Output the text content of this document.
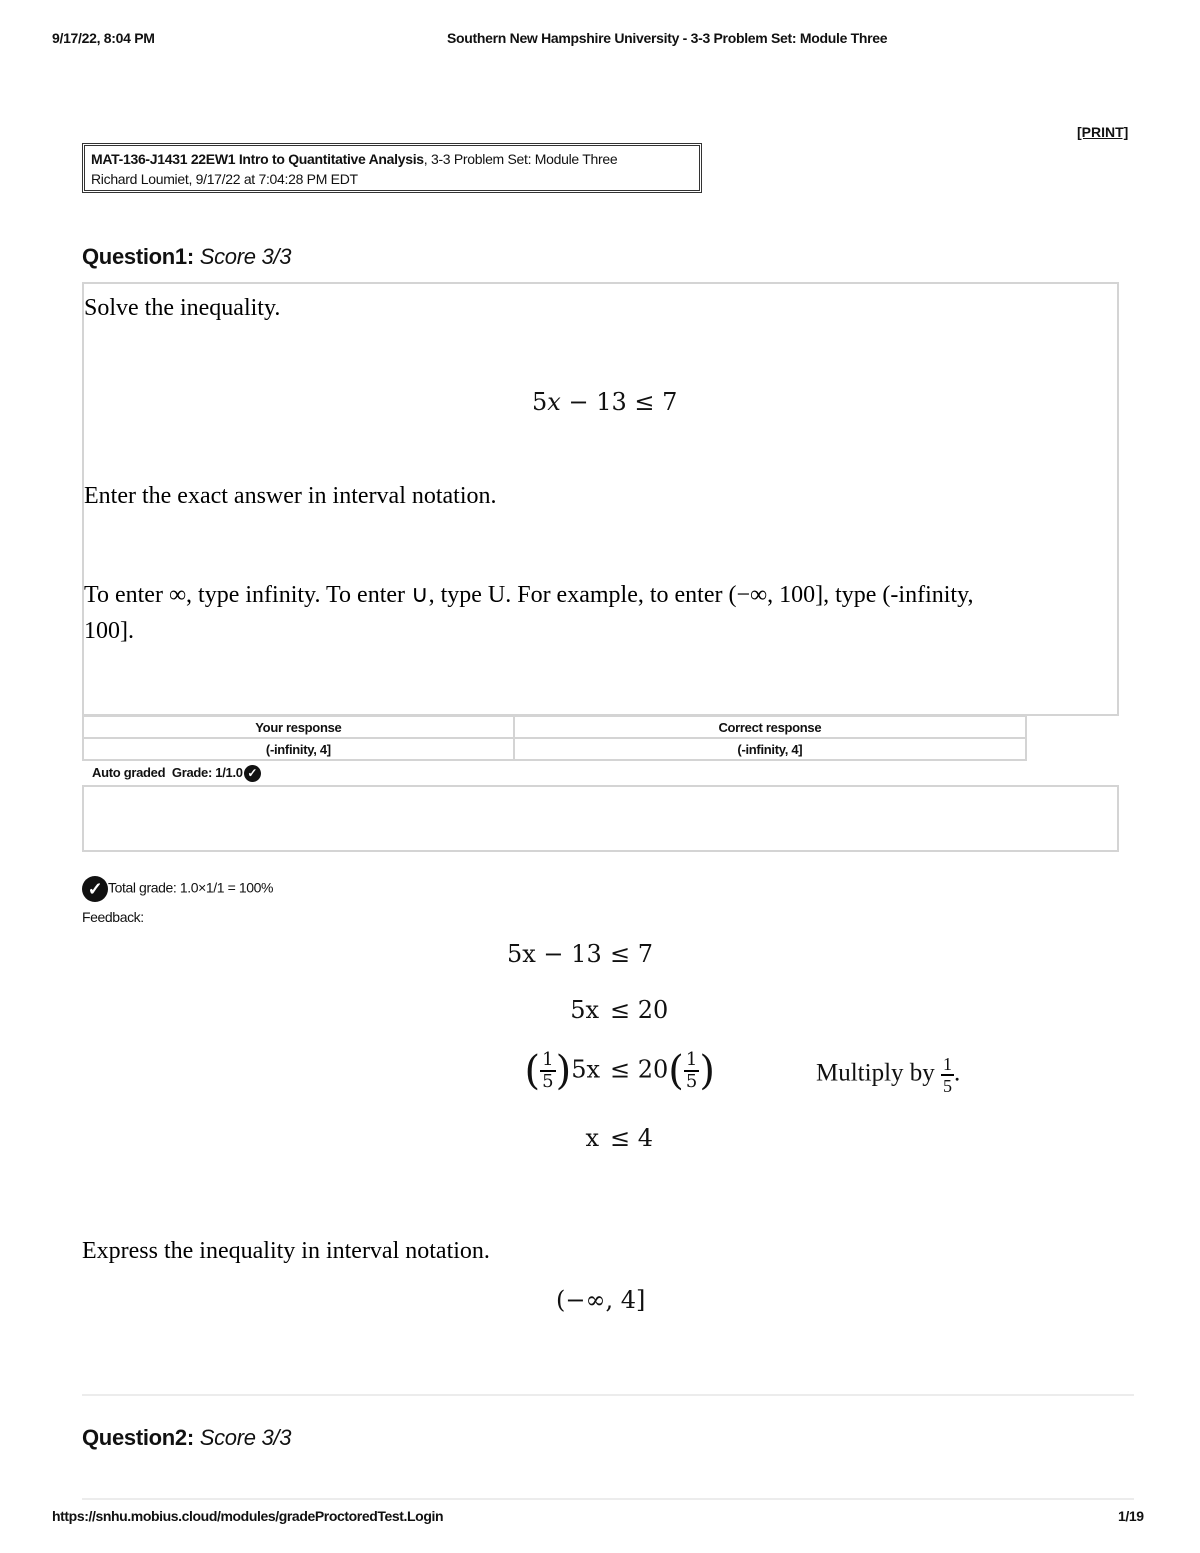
9/17/22, 8:04 PM	Southern New Hampshire University - 3-3 Problem Set: Module Three
[PRINT]
MAT-136-J1431 22EW1 Intro to Quantitative Analysis, 3-3 Problem Set: Module Three
Richard Loumiet, 9/17/22 at 7:04:28 PM EDT
Question1: Score 3/3
Solve the inequality.
5x − 13 ≤ 7
Enter the exact answer in interval notation.
To enter ∞, type infinity. To enter ∪, type U. For example, to enter (−∞, 100], type (-infinity,
100].
Your response	Correct response
(-infinity, 4]	(-infinity, 4]
Auto graded Grade: 1/1.0 ✓
✓ Total grade: 1.0×1/1 = 100%
Feedback:
5x − 13 ≤ 7
5x ≤ 20
( $\frac{1}{5} )5x \le 20( \frac{1}{5}$ )	Multiply by $\frac{1}{5}$ .
x ≤ 4
Express the inequality in interval notation.
(−∞, 4]
Question2: Score 3/3
https://snhu.mobius.cloud/modules/gradeProctoredTest.Login	1/19
